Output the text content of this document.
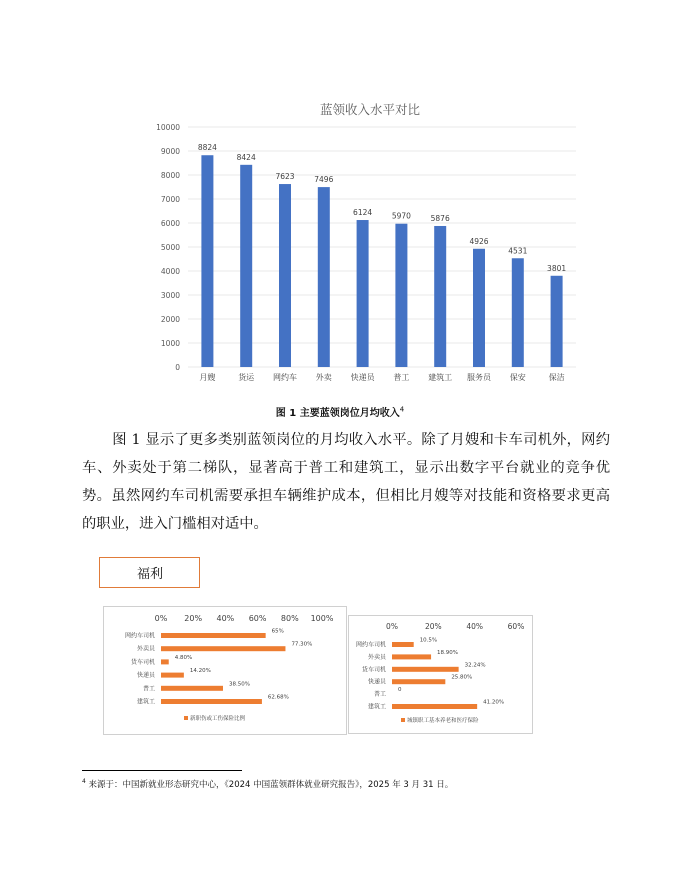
蓝领收入水平对比
0
1000
2000
3000
4000
5000
6000
7000
8000
9000
10000
8824
8424
7623	7496
6124	5970	5876
4926
4531
3801
月嫂	货运 网约车 外卖 快递员 普工 建筑工 服务员 保安	保洁
图 1 主要蓝领岗位月均收入$^4$
图 1 显示了更多类别蓝领岗位的月均收入水平。除了月嫂和卡车司机外，网约车、外卖处于第二梯队，显著高于普工和建筑工，显示出数字平台就业的竞争优势。虽然网约车司机需要承担车辆维护成本，但相比月嫂等对技能和资格要求更高的职业，进入门槛相对适中。
福利
0% 20% 40% 60% 80% 100%
网约车司机
65%
外卖员
77.30%
货车司机
4.80%
快递员
14.20%
普工
38.50%
建筑工
62.68%
新职伤或工伤保险比例
0%	20%	40%	60%
网约车司机
10.5%
外卖员
18.90%
货车司机
32.24%
快递员
25.80%
普工
0
建筑工
41.20%
城镇职工基本养老和医疗保险
$^4$ 来源于：中国新就业形态研究中心，《2024 中国蓝领群体就业研究报告》，2025 年 3 月 31 日。
